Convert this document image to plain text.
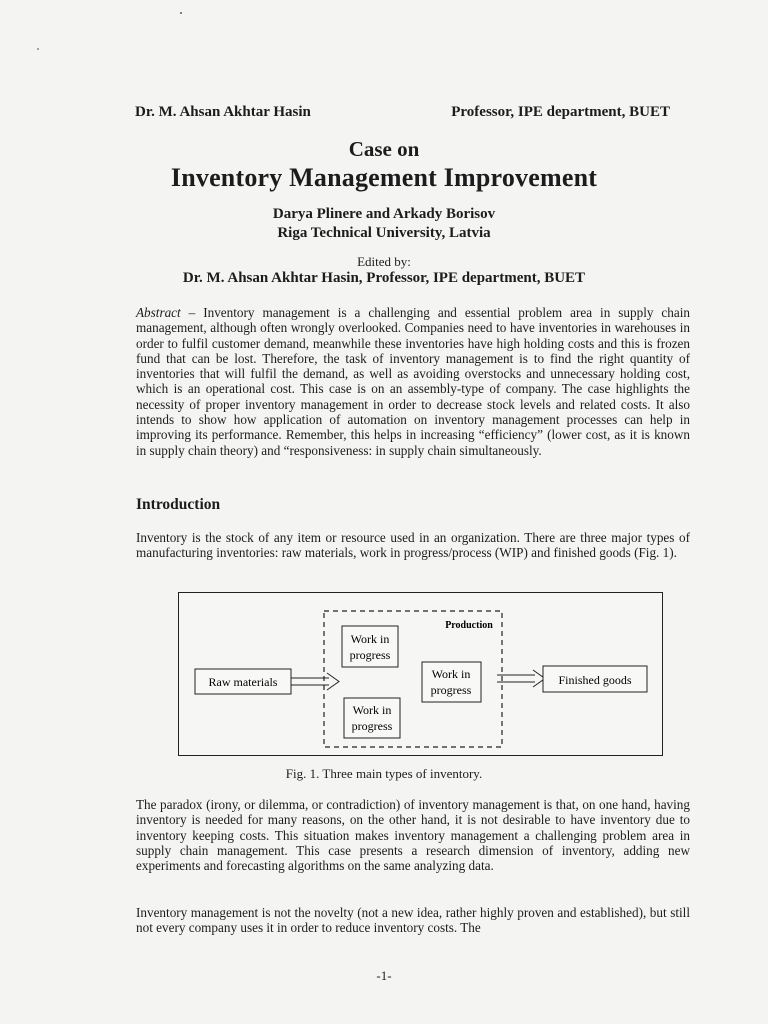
Dr. M. Ahsan Akhtar Hasin	Professor, IPE department, BUET
Case on
Inventory Management Improvement
Darya Plinere and Arkady Borisov
Riga Technical University, Latvia
Edited by:
Dr. M. Ahsan Akhtar Hasin, Professor, IPE department, BUET
Abstract – Inventory management is a challenging and essential problem area in supply chain management, although often wrongly overlooked. Companies need to have inventories in warehouses in order to fulfil customer demand, meanwhile these inventories have high holding costs and this is frozen fund that can be lost. Therefore, the task of inventory management is to find the right quantity of inventories that will fulfil the demand, as well as avoiding overstocks and unnecessary holding cost, which is an operational cost. This case is on an assembly-type of company. The case highlights the necessity of proper inventory management in order to decrease stock levels and related costs. It also intends to show how application of automation on inventory management processes can help in improving its performance. Remember, this helps in increasing “efficiency” (lower cost, as it is known in supply chain theory) and “responsiveness: in supply chain simultaneously.
Introduction
Inventory is the stock of any item or resource used in an organization. There are three major types of manufacturing inventories: raw materials, work in progress/process (WIP) and finished goods (Fig. 1).
Production
Raw materials
Work in
progress
Work in
progress
Work in
progress
Finished goods
Fig. 1. Three main types of inventory.
The paradox (irony, or dilemma, or contradiction) of inventory management is that, on one hand, having inventory is needed for many reasons, on the other hand, it is not desirable to have inventory due to inventory keeping costs. This situation makes inventory management a challenging problem area in supply chain management. This case presents a research dimension of inventory, adding new experiments and forecasting algorithms on the same analyzing data.
Inventory management is not the novelty (not a new idea, rather highly proven and established), but still not every company uses it in order to reduce inventory costs. The
-1-
